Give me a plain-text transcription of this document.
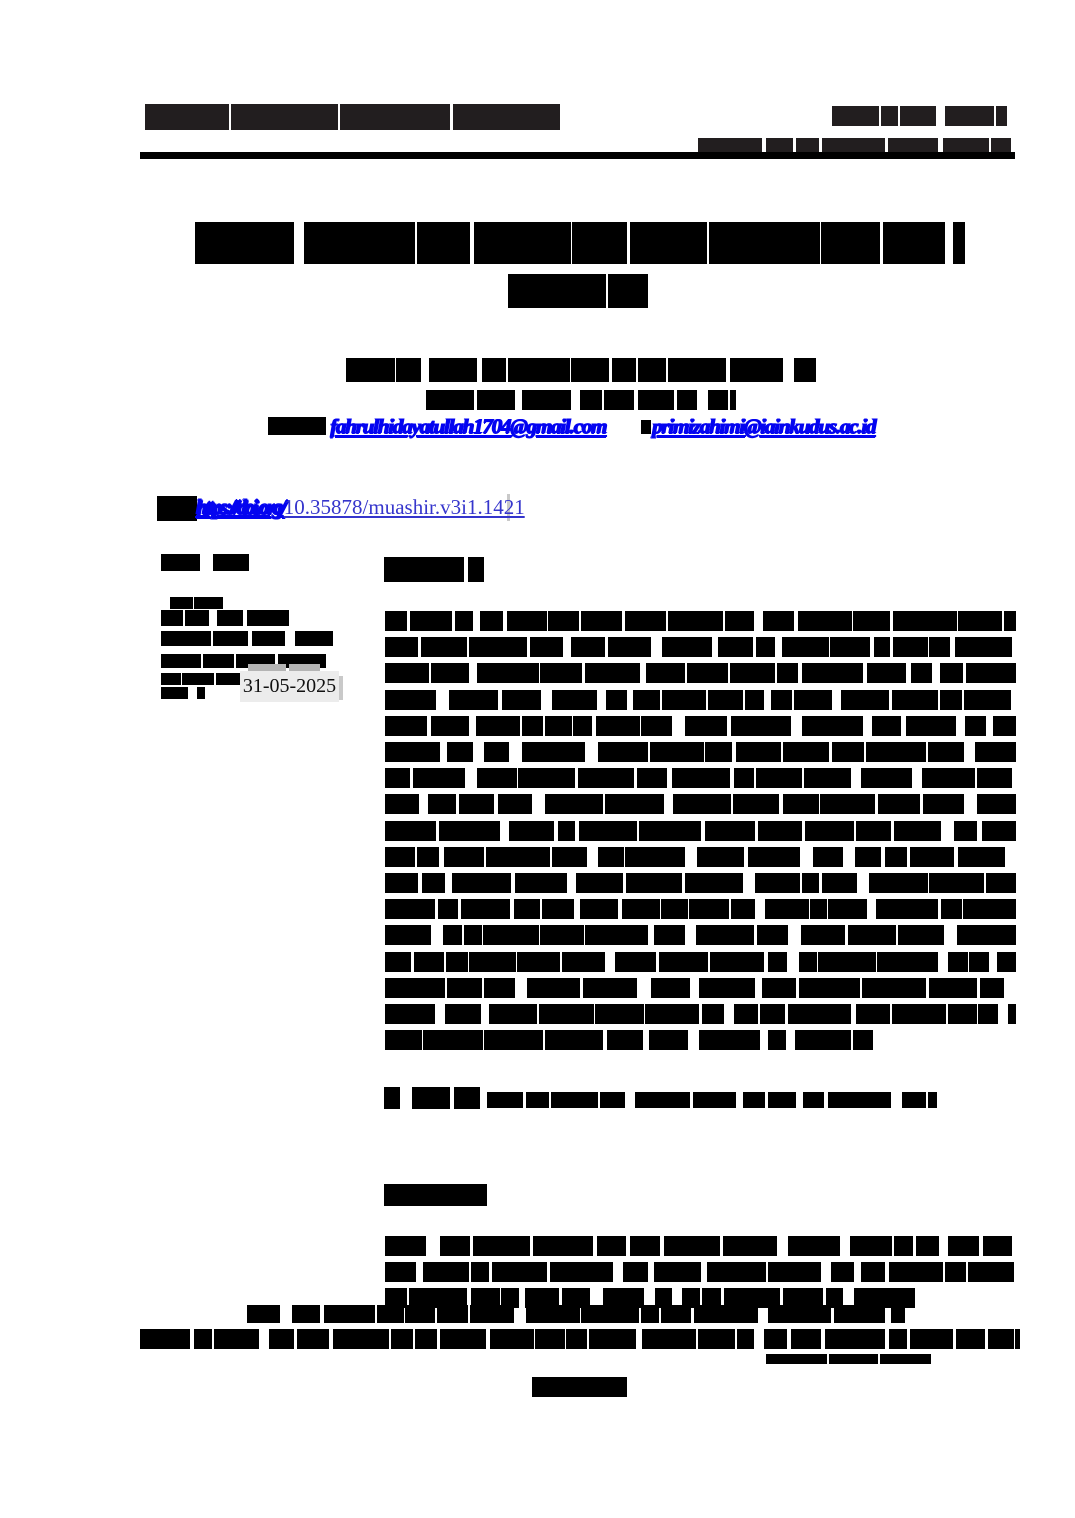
https://doi.org/ 10.35878/muashir.v3i1.1421
fahrulhidayatullah1704@gmail.com primizahimi@iainkudus.ac.id
31-05-2025
